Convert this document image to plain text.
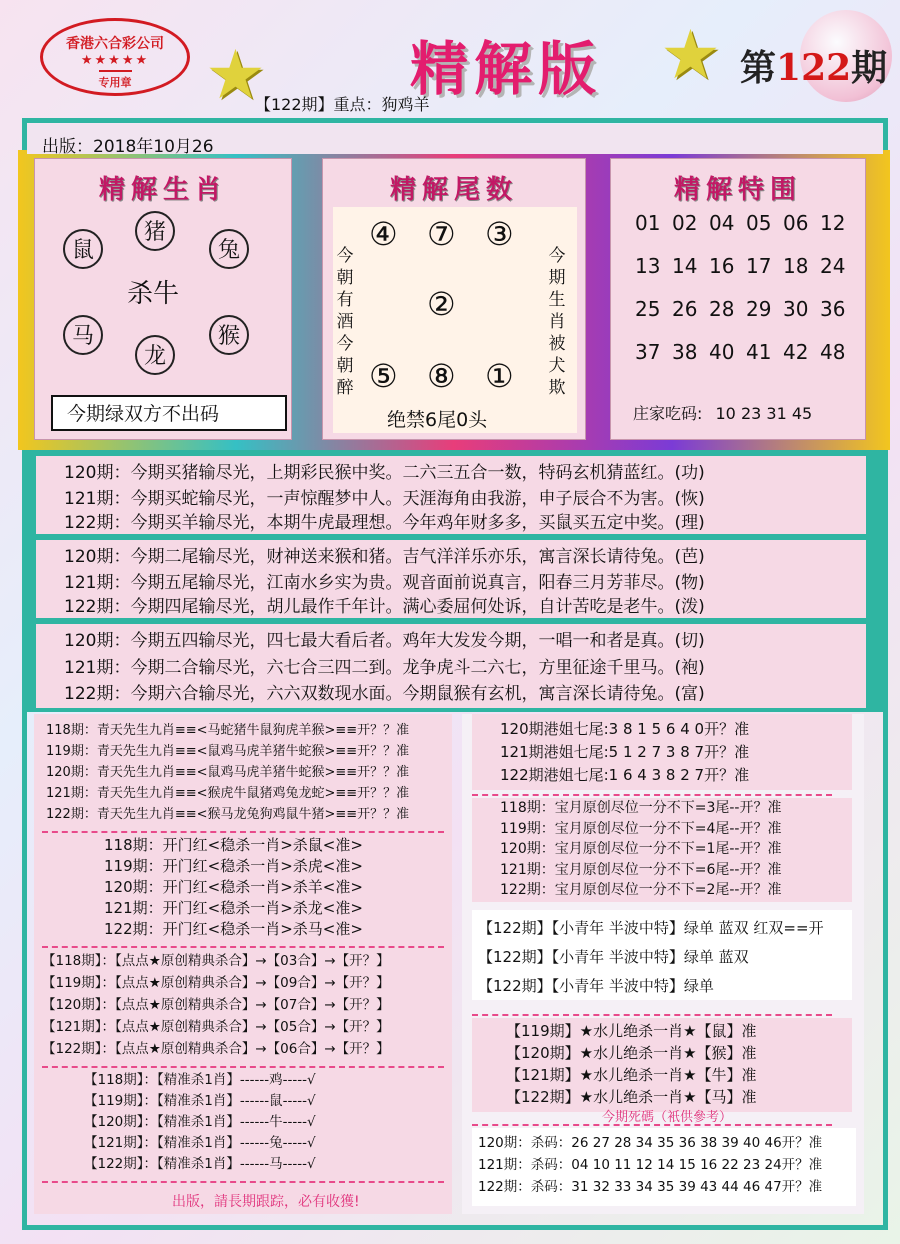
香港六合彩公司
★★★★★
专用章	★	★
精解版	第122期
【122期】重点：狗鸡羊
出版：2018年10月26
精解生肖
鼠
猪
兔
杀牛
马
龙
猴
今期绿双方不出码
精解尾数
今朝有酒今朝醉
今期生肖被犬欺
④ ⑦ ③
②
⑤ ⑧ ①
绝禁6尾0头
精解特围
01 02 04 05 06 12
13 14 16 17 18 24
25 26 28 29 30 36
37 38 40 41 42 48
庄家吃码: 10 23 31 45
120期：今期买猪输尽光，上期彩民猴中奖。二六三五合一数，特码玄机猜蓝红。(功)
121期：今期买蛇输尽光，一声惊醒梦中人。天涯海角由我游，申子辰合不为害。(恢)
122期：今期买羊输尽光，本期牛虎最理想。今年鸡年财多多，买鼠买五定中奖。(理)
120期：今期二尾输尽光，财神送来猴和猪。吉气洋洋乐亦乐，寓言深长请待兔。(芭)
121期：今期五尾输尽光，江南水乡实为贵。观音面前说真言，阳春三月芳菲尽。(物)
122期：今期四尾输尽光，胡儿最作千年计。满心委屈何处诉，自计苦吃是老牛。(泼)
120期：今期五四输尽光，四七最大看后者。鸡年大发发今期，一唱一和者是真。(切)
121期：今期二合输尽光，六七合三四二到。龙争虎斗二六七，方里征途千里马。(袍)
122期：今期六合输尽光，六六双数现水面。今期鼠猴有玄机，寓言深长请待兔。(富)
118期：青天先生九肖≡≡<马蛇猪牛鼠狗虎羊猴>≡≡开？？准
119期：青天先生九肖≡≡<鼠鸡马虎羊猪牛蛇猴>≡≡开？？准
120期：青天先生九肖≡≡<鼠鸡马虎羊猪牛蛇猴>≡≡开？？准
121期：青天先生九肖≡≡<猴虎牛鼠猪鸡兔龙蛇>≡≡开？？准
122期：青天先生九肖≡≡<猴马龙兔狗鸡鼠牛猪>≡≡开？？准
118期：开门红<稳杀一肖>杀鼠<准>
119期：开门红<稳杀一肖>杀虎<准>
120期：开门红<稳杀一肖>杀羊<准>
121期：开门红<稳杀一肖>杀龙<准>
122期：开门红<稳杀一肖>杀马<准>
【118期】：【点点★原创精典杀合】→【03合】→【开？】
【119期】：【点点★原创精典杀合】→【09合】→【开？】
【120期】：【点点★原创精典杀合】→【07合】→【开？】
【121期】：【点点★原创精典杀合】→【05合】→【开？】
【122期】：【点点★原创精典杀合】→【06合】→【开？】
【118期】：【精准杀1肖】------鸡-----√
【119期】：【精准杀1肖】------鼠-----√
【120期】：【精准杀1肖】------牛-----√
【121期】：【精准杀1肖】------兔-----√
【122期】：【精准杀1肖】------马-----√
出版，請長期跟踪，必有收獲!
120期港姐七尾:3 8 1 5 6 4 0开？准
121期港姐七尾:5 1 2 7 3 8 7开？准
122期港姐七尾:1 6 4 3 8 2 7开？准
118期：宝月原创尽位一分不下=3尾--开？准
119期：宝月原创尽位一分不下=4尾--开？准
120期：宝月原创尽位一分不下=1尾--开？准
121期：宝月原创尽位一分不下=6尾--开？准
122期：宝月原创尽位一分不下=2尾--开？准
【122期】【小青年 半波中特】绿单 蓝双 红双==开
【122期】【小青年 半波中特】绿单 蓝双
【122期】【小青年 半波中特】绿单
【119期】★水儿绝杀一肖★【鼠】准
【120期】★水儿绝杀一肖★【猴】准
【121期】★水儿绝杀一肖★【牛】准
【122期】★水儿绝杀一肖★【马】准
今期死碼（衹供參考）
120期：杀码：26 27 28 34 35 36 38 39 40 46开？准
121期：杀码：04 10 11 12 14 15 16 22 23 24开？准
122期：杀码：31 32 33 34 35 39 43 44 46 47开？准
